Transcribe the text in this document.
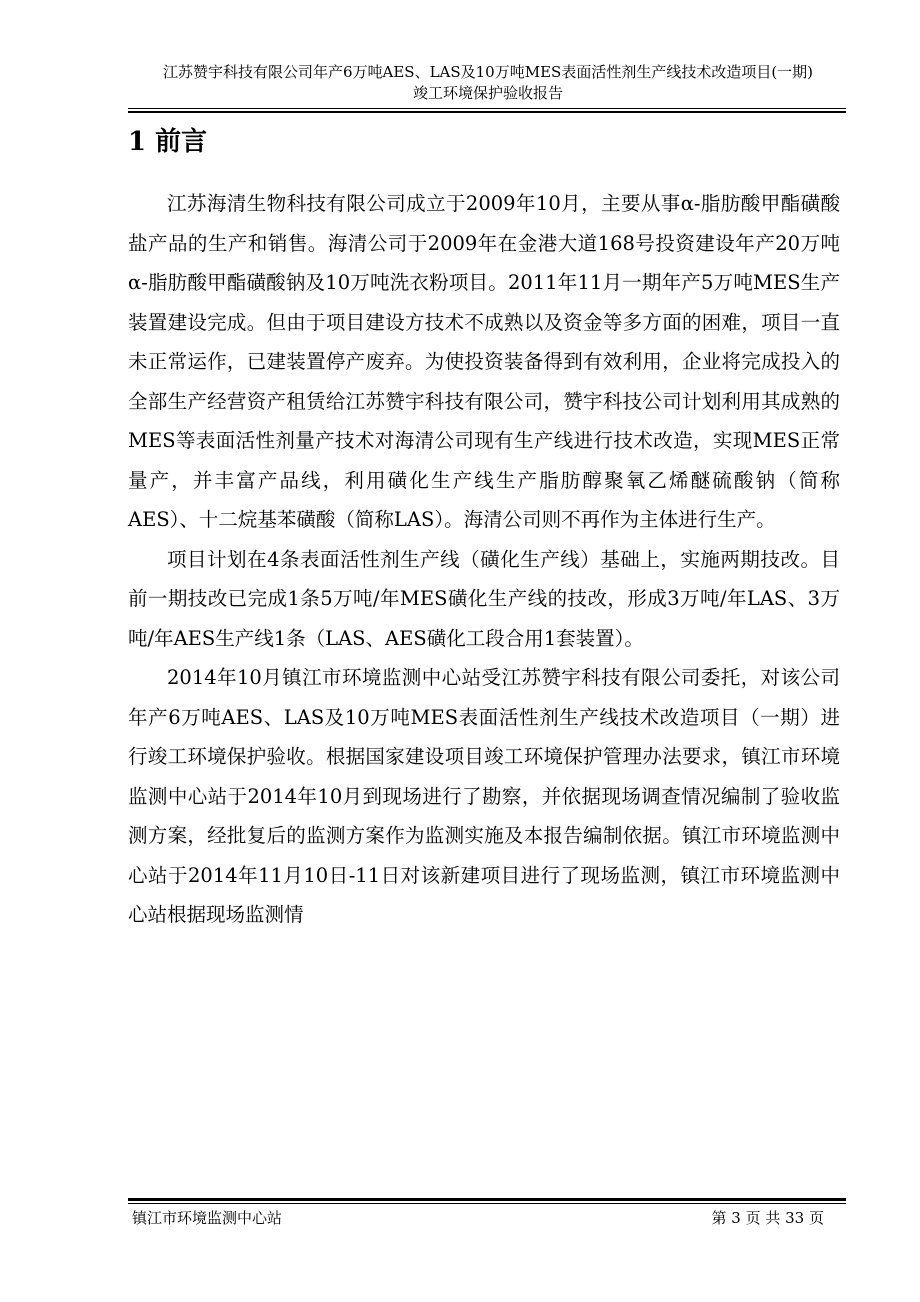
江苏赞宇科技有限公司年产6万吨AES、LAS及10万吨MES表面活性剂生产线技术改造项目(一期)
竣工环境保护验收报告
1 前言

江苏海清生物科技有限公司成立于2009年10月，主要从事α-脂肪酸甲酯磺酸盐产品的生产和销售。海清公司于2009年在金港大道168号投资建设年产20万吨α-脂肪酸甲酯磺酸钠及10万吨洗衣粉项目。2011年11月一期年产5万吨MES生产装置建设完成。但由于项目建设方技术不成熟以及资金等多方面的困难，项目一直未正常运作，已建装置停产废弃。为使投资装备得到有效利用，企业将完成投入的全部生产经营资产租赁给江苏赞宇科技有限公司，赞宇科技公司计划利用其成熟的MES等表面活性剂量产技术对海清公司现有生产线进行技术改造，实现MES正常量产，并丰富产品线，利用磺化生产线生产脂肪醇聚氧乙烯醚硫酸钠（简称AES）、十二烷基苯磺酸（简称LAS）。海清公司则不再作为主体进行生产。

项目计划在4条表面活性剂生产线（磺化生产线）基础上，实施两期技改。目前一期技改已完成1条5万吨/年MES磺化生产线的技改，形成3万吨/年LAS、3万吨/年AES生产线1条（LAS、AES磺化工段合用1套装置）。

2014年10月镇江市环境监测中心站受江苏赞宇科技有限公司委托，对该公司年产6万吨AES、LAS及10万吨MES表面活性剂生产线技术改造项目（一期）进行竣工环境保护验收。根据国家建设项目竣工环境保护管理办法要求，镇江市环境监测中心站于2014年10月到现场进行了勘察，并依据现场调查情况编制了验收监测方案，经批复后的监测方案作为监测实施及本报告编制依据。镇江市环境监测中心站于2014年11月10日-11日对该新建项目进行了现场监测，镇江市环境监测中心站根据现场监测情

镇江市环境监测中心站	第 3 页 共 33 页
